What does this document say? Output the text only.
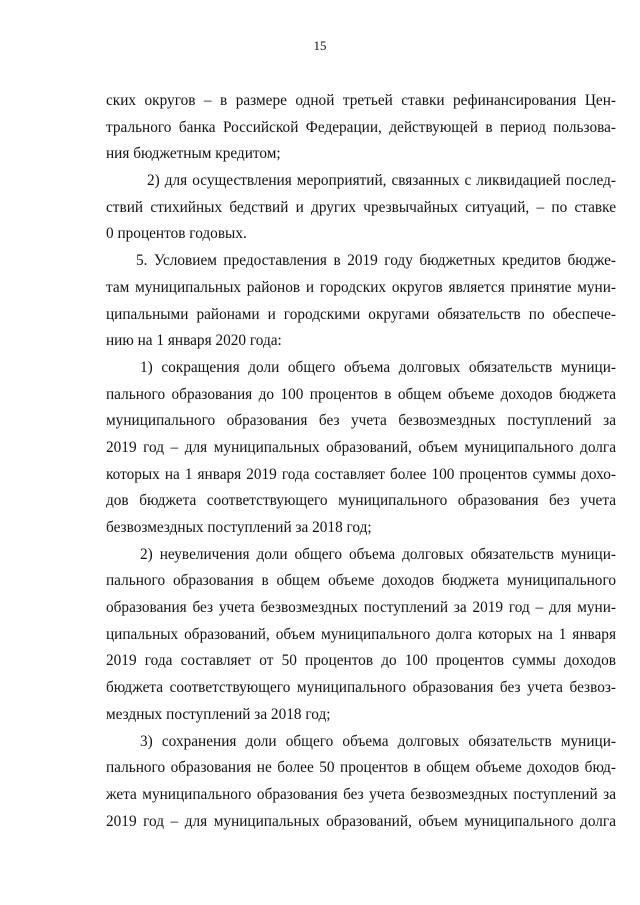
15
ских округов – в размере одной третьей ставки рефинансирования Цен-
трального банка Российской Федерации, действующей в период пользова-
ния бюджетным кредитом;
2) для осуществления мероприятий, связанных с ликвидацией послед-
ствий стихийных бедствий и других чрезвычайных ситуаций, – по ставке
0 процентов годовых.
5. Условием предоставления в 2019 году бюджетных кредитов бюдже-
там муниципальных районов и городских округов является принятие муни-
ципальными районами и городскими округами обязательств по обеспече-
нию на 1 января 2020 года:
1) сокращения доли общего объема долговых обязательств муници-
пального образования до 100 процентов в общем объеме доходов бюджета
муниципального образования без учета безвозмездных поступлений за
2019 год – для муниципальных образований, объем муниципального долга
которых на 1 января 2019 года составляет более 100 процентов суммы дохо-
дов бюджета соответствующего муниципального образования без учета
безвозмездных поступлений за 2018 год;
2) неувеличения доли общего объема долговых обязательств муници-
пального образования в общем объеме доходов бюджета муниципального
образования без учета безвозмездных поступлений за 2019 год – для муни-
ципальных образований, объем муниципального долга которых на 1 января
2019 года составляет от 50 процентов до 100 процентов суммы доходов
бюджета соответствующего муниципального образования без учета безвоз-
мездных поступлений за 2018 год;
3) сохранения доли общего объема долговых обязательств муници-
пального образования не более 50 процентов в общем объеме доходов бюд-
жета муниципального образования без учета безвозмездных поступлений за
2019 год – для муниципальных образований, объем муниципального долга
